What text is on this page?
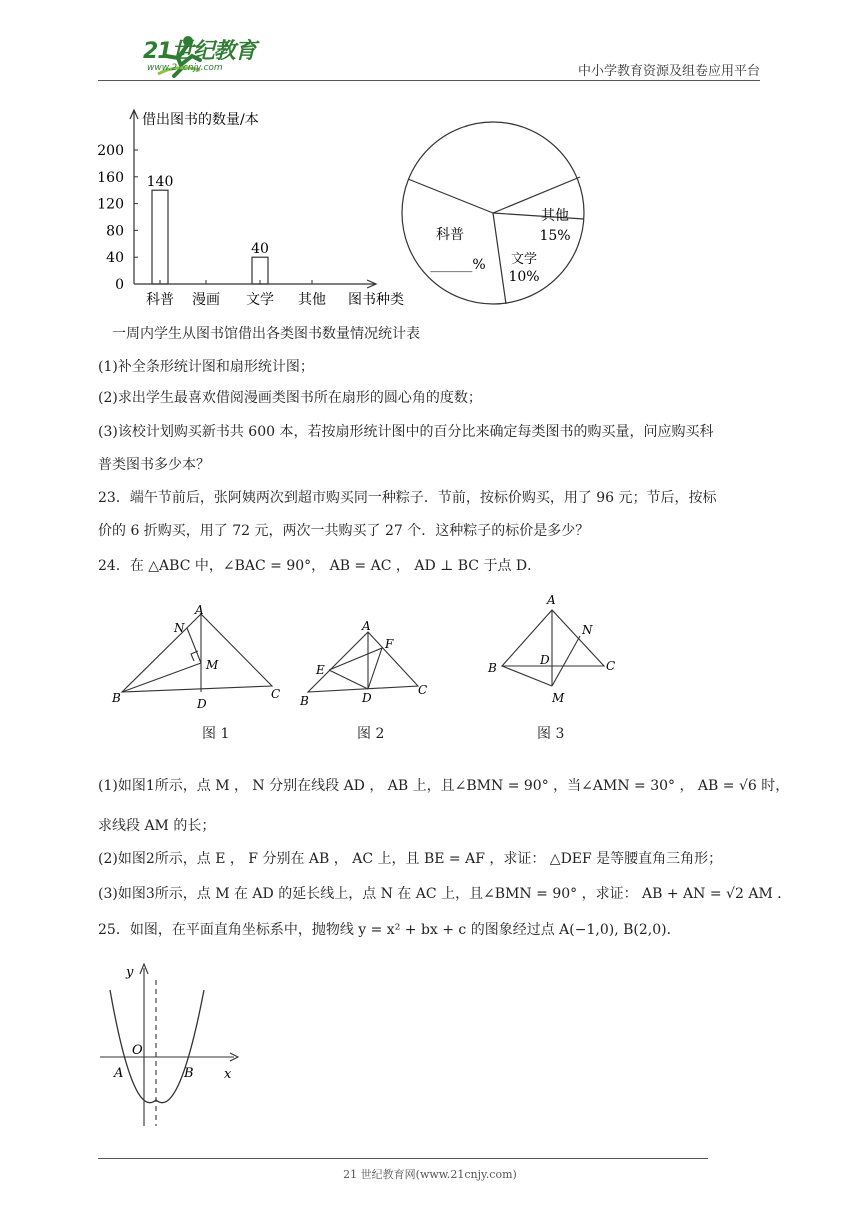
21世纪教育
www.21cnjy.com	中小学教育资源及组卷应用平台
借出图书的数量/本
0
40
80
120
160
200
科普
140
漫画 文学
40
其他 图书种类
其他
15%
文学
10%
科普
______%
一周内学生从图书馆借出各类图书数量情况统计表
(1)补全条形统计图和扇形统计图；
(2)求出学生最喜欢借阅漫画类图书所在扇形的圆心角的度数；
(3)该校计划购买新书共 600 本，若按扇形统计图中的百分比来确定每类图书的购买量，问应购买科
普类图书多少本？
23．端午节前后，张阿姨两次到超市购买同一种粽子．节前，按标价购买，用了 96 元；节后，按标
价的 6 折购买，用了 72 元，两次一共购买了 27 个．这种粽子的标价是多少？
24．在 △ABC 中，∠BAC = 90°， AB = AC ， AD ⊥ BC 于点 D．
A
N
M
B	D
C
图 1
A
F
E
D
B
C
图 2
A
N
B
D	C
M
图 3
(1)如图1所示，点 M ， N 分别在线段 AD ， AB 上，且∠BMN = 90° ，当∠AMN = 30° ， AB = √6 时，
求线段 AM 的长；
(2)如图2所示，点 E ， F 分别在 AB ， AC 上，且 BE = AF ，求证： △DEF 是等腰直角三角形；
(3)如图3所示，点 M 在 AD 的延长线上，点 N 在 AC 上，且∠BMN = 90° ，求证： AB + AN = √2 AM ．
25．如图，在平面直角坐标系中，抛物线 y = x² + bx + c 的图象经过点 A(−1,0), B(2,0)．
y
O
A	B x
21 世纪教育网(www.21cnjy.com)
